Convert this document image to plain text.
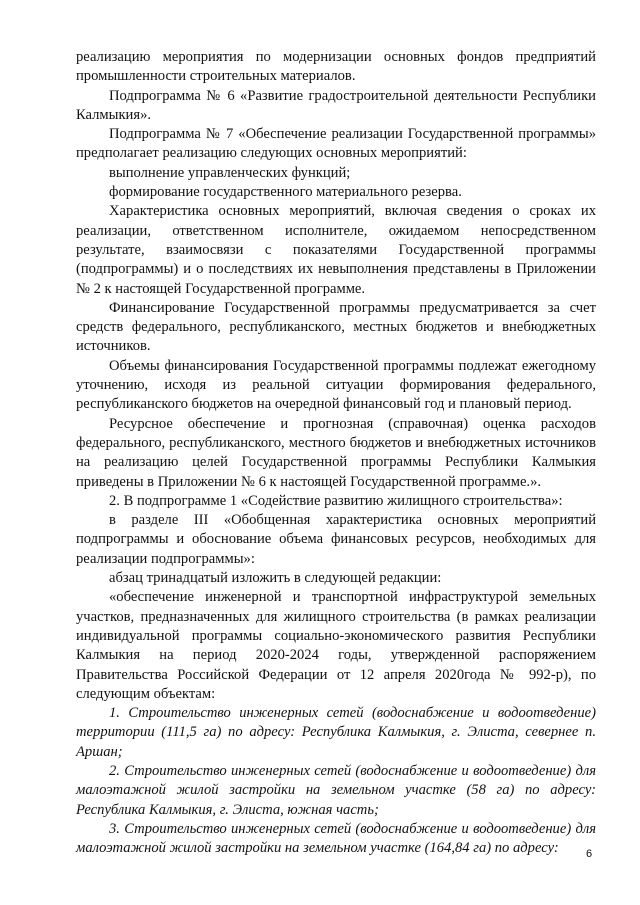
реализацию мероприятия по модернизации основных фондов предприятий промышленности строительных материалов.

Подпрограмма № 6 «Развитие градостроительной деятельности Республики Калмыкия».

Подпрограмма № 7 «Обеспечение реализации Государственной программы» предполагает реализацию следующих основных мероприятий:

выполнение управленческих функций;

формирование государственного материального резерва.

Характеристика основных мероприятий, включая сведения о сроках их реализации, ответственном исполнителе, ожидаемом непосредственном результате, взаимосвязи с показателями Государственной программы (подпрограммы) и о последствиях их невыполнения представлены в Приложении № 2 к настоящей Государственной программе.

Финансирование Государственной программы предусматривается за счет средств федерального, республиканского, местных бюджетов и внебюджетных источников.

Объемы финансирования Государственной программы подлежат ежегодному уточнению, исходя из реальной ситуации формирования федерального, республиканского бюджетов на очередной финансовый год и плановый период.

Ресурсное обеспечение и прогнозная (справочная) оценка расходов федерального, республиканского, местного бюджетов и внебюджетных источников на реализацию целей Государственной программы Республики Калмыкия приведены в Приложении № 6 к настоящей Государственной программе.».

2. В подпрограмме 1 «Содействие развитию жилищного строительства»:

в разделе III «Обобщенная характеристика основных мероприятий подпрограммы и обоснование объема финансовых ресурсов, необходимых для реализации подпрограммы»:

абзац тринадцатый изложить в следующей редакции:

«обеспечение инженерной и транспортной инфраструктурой земельных участков, предназначенных для жилищного строительства (в рамках реализации индивидуальной программы социально-экономического развития Республики Калмыкия на период 2020-2024 годы, утвержденной распоряжением Правительства Российской Федерации от 12 апреля 2020года № 992-р), по следующим объектам:

1. Строительство инженерных сетей (водоснабжение и водоотведение) территории (111,5 га) по адресу: Республика Калмыкия, г. Элиста, севернее п. Аршан;

2. Строительство инженерных сетей (водоснабжение и водоотведение) для малоэтажной жилой застройки на земельном участке (58 га) по адресу: Республика Калмыкия, г. Элиста, южная часть;

3. Строительство инженерных сетей (водоснабжение и водоотведение) для малоэтажной жилой застройки на земельном участке (164,84 га) по адресу:	6
